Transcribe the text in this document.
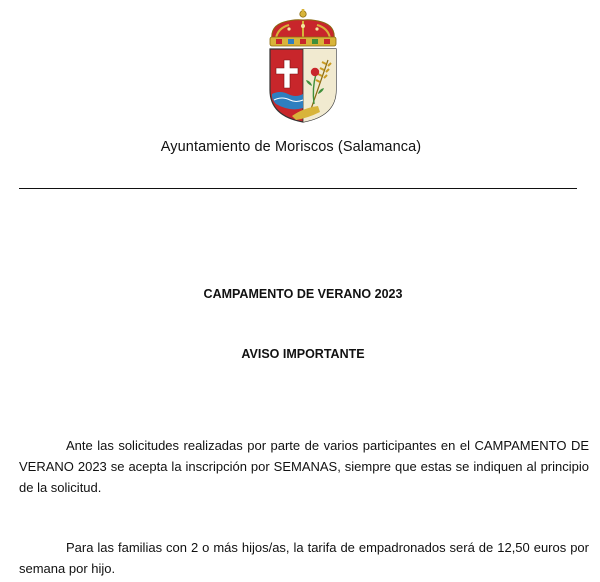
Ayuntamiento de Moriscos (Salamanca)
CAMPAMENTO DE VERANO 2023
AVISO IMPORTANTE

Ante las solicitudes realizadas por parte de varios participantes en el CAMPAMENTO DE VERANO 2023 se acepta la inscripción por SEMANAS, siempre que estas se indiquen al principio de la solicitud.

Para las familias con 2 o más hijos/as, la tarifa de empadronados será de 12,50 euros por semana por hijo.
